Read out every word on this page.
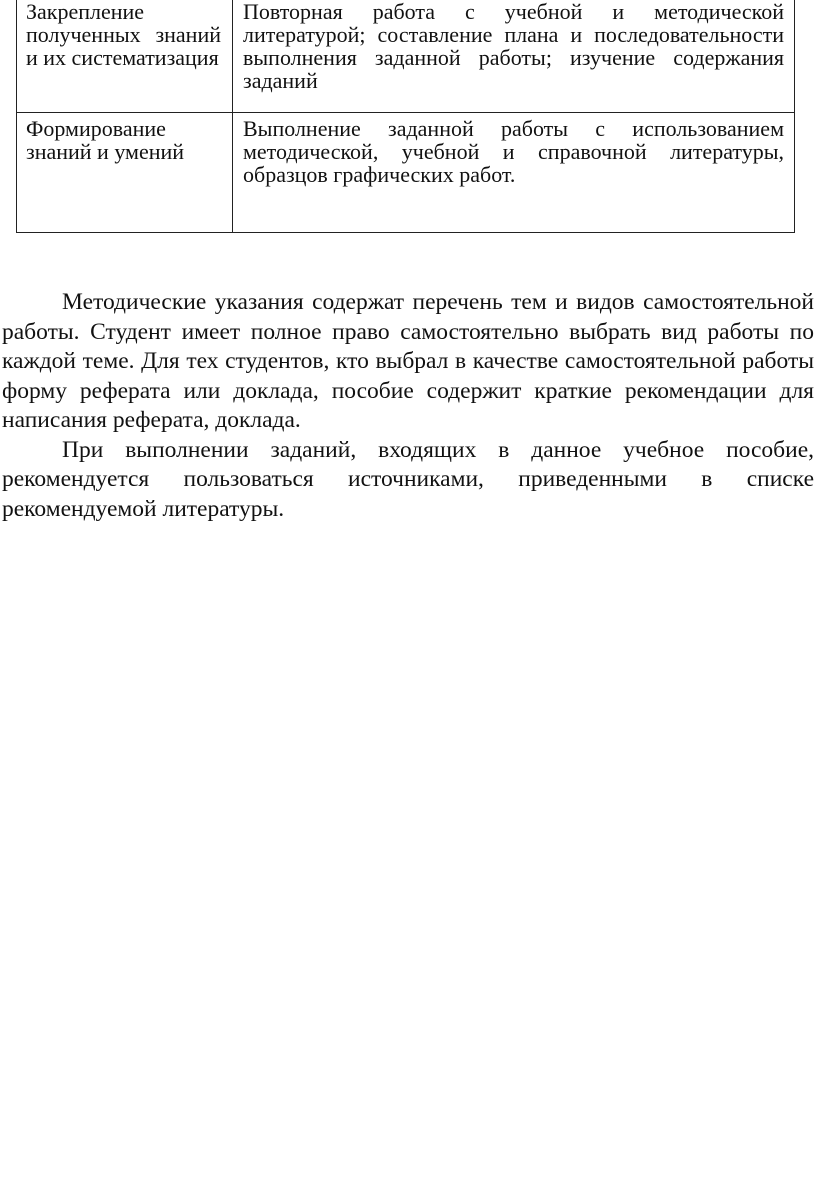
Закрепление полученных знаний и их систематизация	Повторная работа с учебной и методической литературой; составление плана и последовательности выполнения заданной работы; изучение содержания заданий

Формирование знаний и умений	Выполнение заданной работы с использованием методической, учебной и справочной литературы, образцов графических работ.

Методические указания содержат перечень тем и видов самостоятельной работы. Студент имеет полное право самостоятельно выбрать вид работы по каждой теме. Для тех студентов, кто выбрал в качестве самостоятельной работы форму реферата или доклада, пособие содержит краткие рекомендации для написания реферата, доклада.

При выполнении заданий, входящих в данное учебное пособие, рекомендуется пользоваться источниками, приведенными в списке рекомендуемой литературы.
